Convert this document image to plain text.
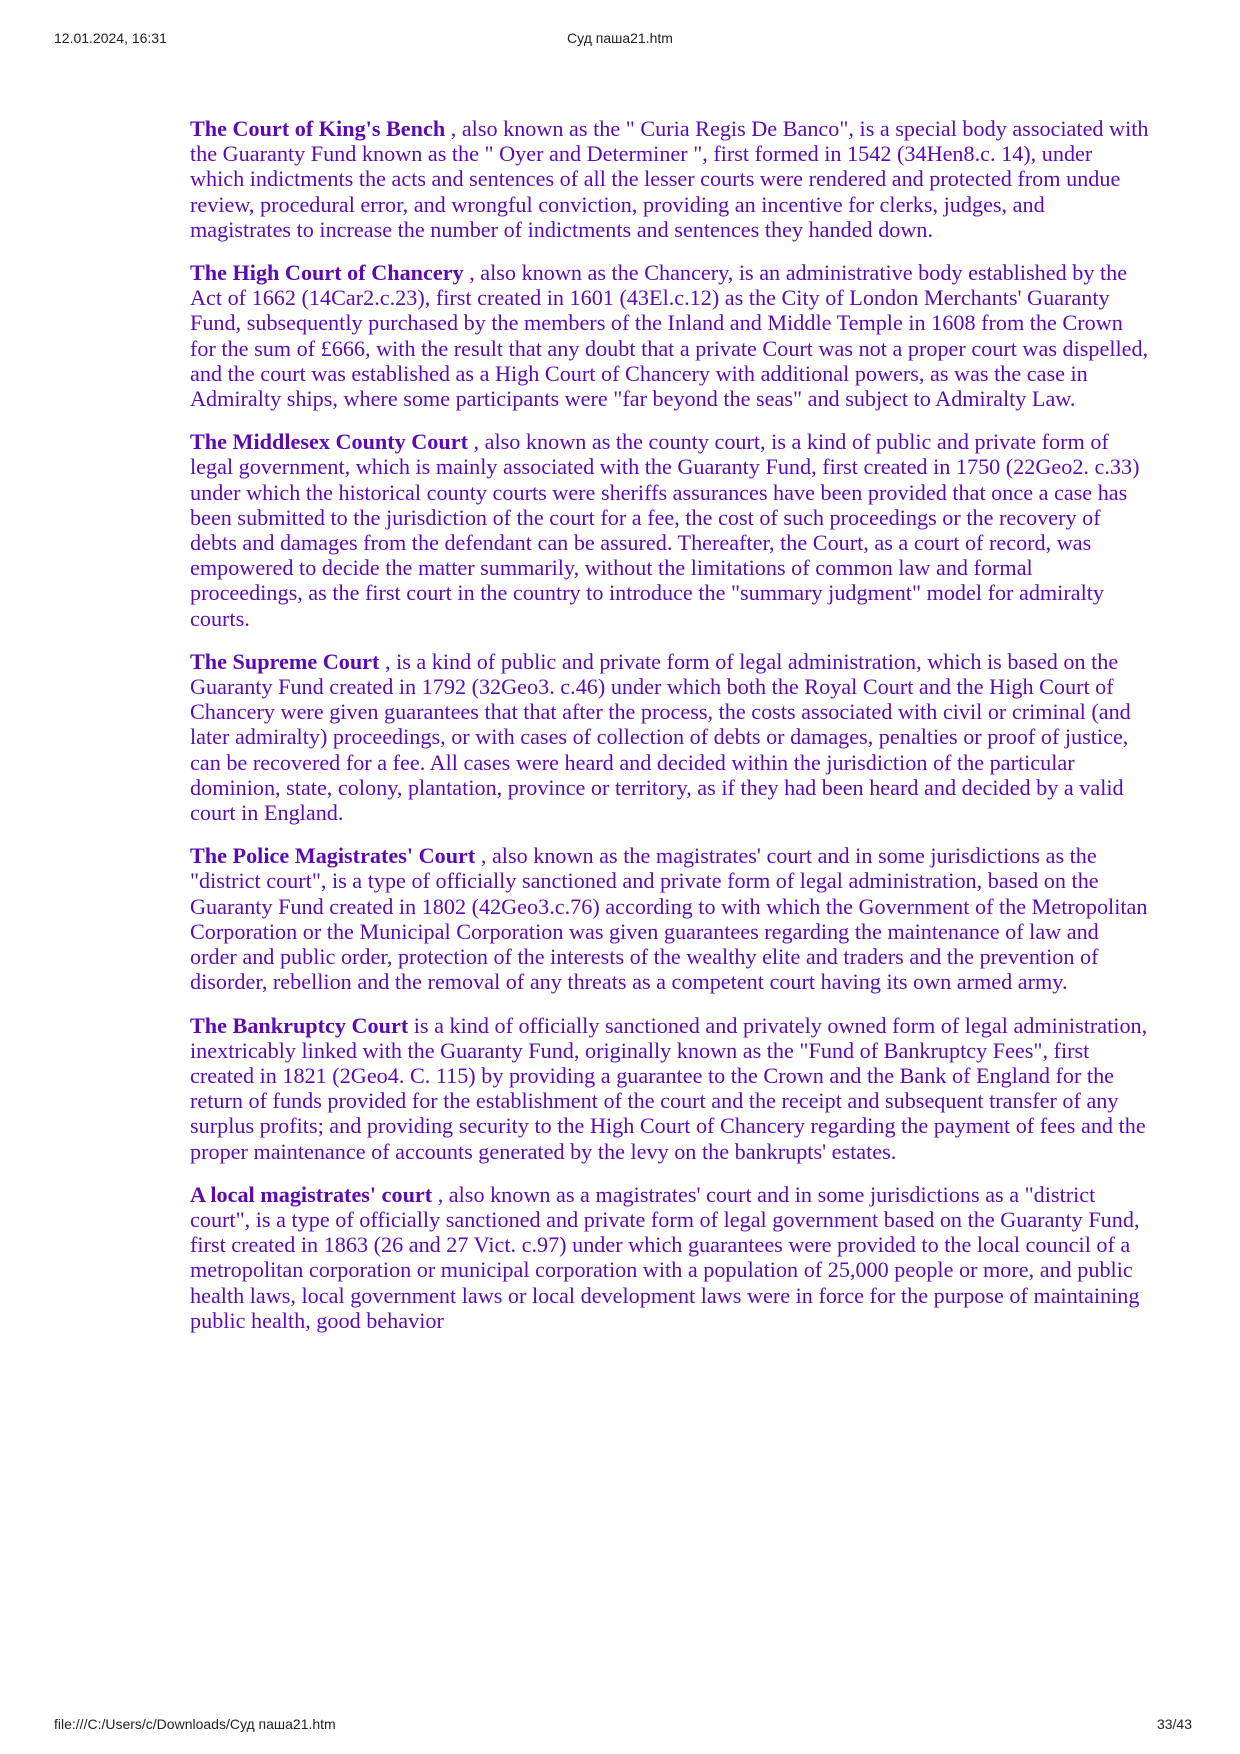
12.01.2024, 16:31	Суд паша21.htm

The Court of King's Bench , also known as the " Curia Regis De Banco", is a special body associated with the Guaranty Fund known as the " Oyer and Determiner ", first formed in 1542 (34Hen8.c. 14), under which indictments the acts and sentences of all the lesser courts were rendered and protected from undue review, procedural error, and wrongful conviction, providing an incentive for clerks, judges, and magistrates to increase the number of indictments and sentences they handed down.

The High Court of Chancery , also known as the Chancery, is an administrative body established by the Act of 1662 (14Car2.c.23), first created in 1601 (43El.c.12) as the City of London Merchants' Guaranty Fund, subsequently purchased by the members of the Inland and Middle Temple in 1608 from the Crown for the sum of £666, with the result that any doubt that a private Court was not a proper court was dispelled, and the court was established as a High Court of Chancery with additional powers, as was the case in Admiralty ships, where some participants were "far beyond the seas" and subject to Admiralty Law.

The Middlesex County Court , also known as the county court, is a kind of public and private form of legal government, which is mainly associated with the Guaranty Fund, first created in 1750 (22Geo2. c.33) under which the historical county courts were sheriffs assurances have been provided that once a case has been submitted to the jurisdiction of the court for a fee, the cost of such proceedings or the recovery of debts and damages from the defendant can be assured. Thereafter, the Court, as a court of record, was empowered to decide the matter summarily, without the limitations of common law and formal proceedings, as the first court in the country to introduce the "summary judgment" model for admiralty courts.

The Supreme Court , is a kind of public and private form of legal administration, which is based on the Guaranty Fund created in 1792 (32Geo3. c.46) under which both the Royal Court and the High Court of Chancery were given guarantees that that after the process, the costs associated with civil or criminal (and later admiralty) proceedings, or with cases of collection of debts or damages, penalties or proof of justice, can be recovered for a fee. All cases were heard and decided within the jurisdiction of the particular dominion, state, colony, plantation, province or territory, as if they had been heard and decided by a valid court in England.

The Police Magistrates' Court , also known as the magistrates' court and in some jurisdictions as the "district court", is a type of officially sanctioned and private form of legal administration, based on the Guaranty Fund created in 1802 (42Geo3.c.76) according to with which the Government of the Metropolitan Corporation or the Municipal Corporation was given guarantees regarding the maintenance of law and order and public order, protection of the interests of the wealthy elite and traders and the prevention of disorder, rebellion and the removal of any threats as a competent court having its own armed army.

The Bankruptcy Court is a kind of officially sanctioned and privately owned form of legal administration, inextricably linked with the Guaranty Fund, originally known as the "Fund of Bankruptcy Fees", first created in 1821 (2Geo4. C. 115) by providing a guarantee to the Crown and the Bank of England for the return of funds provided for the establishment of the court and the receipt and subsequent transfer of any surplus profits; and providing security to the High Court of Chancery regarding the payment of fees and the proper maintenance of accounts generated by the levy on the bankrupts' estates.

A local magistrates' court , also known as a magistrates' court and in some jurisdictions as a "district court", is a type of officially sanctioned and private form of legal government based on the Guaranty Fund, first created in 1863 (26 and 27 Vict. c.97) under which guarantees were provided to the local council of a metropolitan corporation or municipal corporation with a population of 25,000 people or more, and public health laws, local government laws or local development laws were in force for the purpose of maintaining public health, good behavior

file:///C:/Users/c/Downloads/Суд паша21.htm	33/43
